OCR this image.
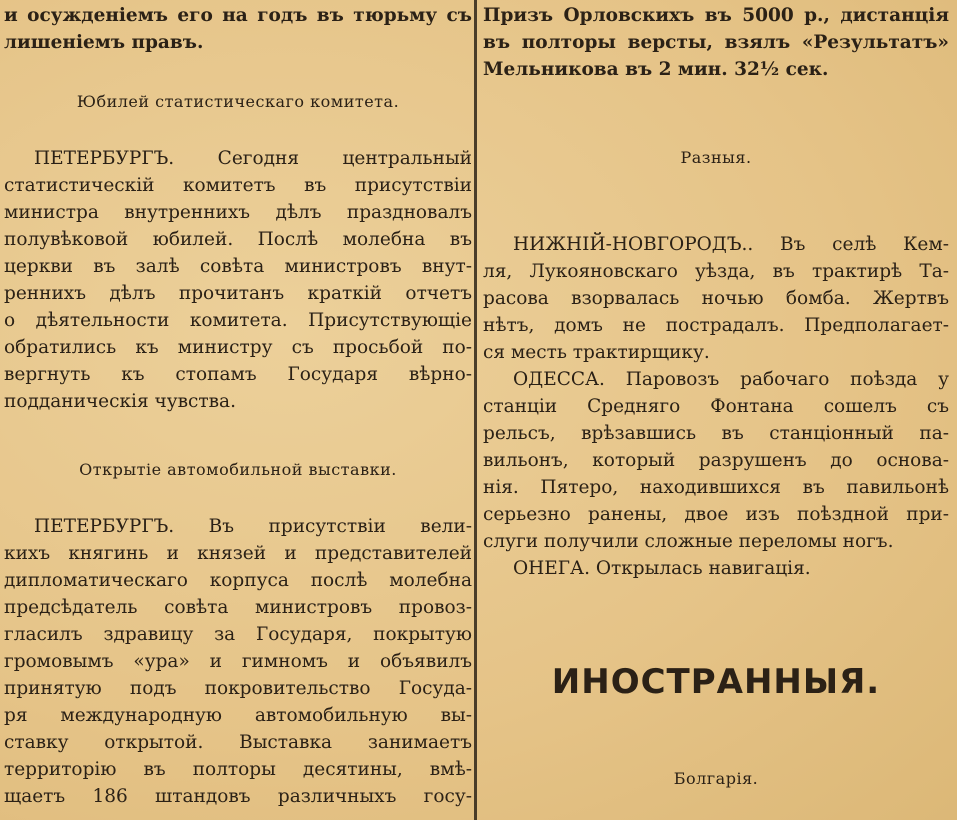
и осужденіемъ его на годъ въ тюрьму съ

лишеніемъ правъ.

Юбилей статистическаго комитета.

ПЕТЕРБУРГЪ. Сегодня центральный

статистическій комитетъ въ присутствіи

министра внутреннихъ дѣлъ праздновалъ

полувѣковой юбилей. Послѣ молебна въ

церкви въ залѣ совѣта министровъ внут-

реннихъ дѣлъ прочитанъ краткій отчетъ

о дѣятельности комитета. Присутствующіе

обратились къ министру съ просьбой по-

вергнуть къ стопамъ Государя вѣрно-

подданическія чувства.

Открытіе автомобильной выставки.

ПЕТЕРБУРГЪ. Въ присутствіи вели-

кихъ княгинь и князей и представителей

дипломатическаго корпуса послѣ молебна

предсѣдатель совѣта министровъ провоз-

гласилъ здравицу за Государя, покрытую

громовымъ «ура» и гимномъ и объявилъ

принятую подъ покровительство Госуда-

ря международную автомобильную вы-

ставку открытой. Выставка занимаетъ

территорію въ полторы десятины, вмѣ-

щаетъ 186 штандовъ различныхъ госу-

Призъ Орловскихъ въ 5000 р., дистанція

въ полторы версты, взялъ «Результатъ»

Мельникова въ 2 мин. 32½ сек.

Разныя.

НИЖНІЙ-НОВГОРОДЪ.. Въ селѣ Кем-

ля, Лукояновскаго уѣзда, въ трактирѣ Та-

расова взорвалась ночью бомба. Жертвъ

нѣтъ, домъ не пострадалъ. Предполагает-

ся месть трактирщику.

ОДЕССА. Паровозъ рабочаго поѣзда у

станціи Средняго Фонтана сошелъ съ

рельсъ, врѣзавшись въ станціонный па-

вильонъ, который разрушенъ до основа-

нія. Пятеро, находившихся въ павильонѣ

серьезно ранены, двое изъ поѣздной при-

слуги получили сложные переломы ногъ.

ОНЕГА. Открылась навигація.

ИНОСТРАННЫЯ.

Болгарія.
